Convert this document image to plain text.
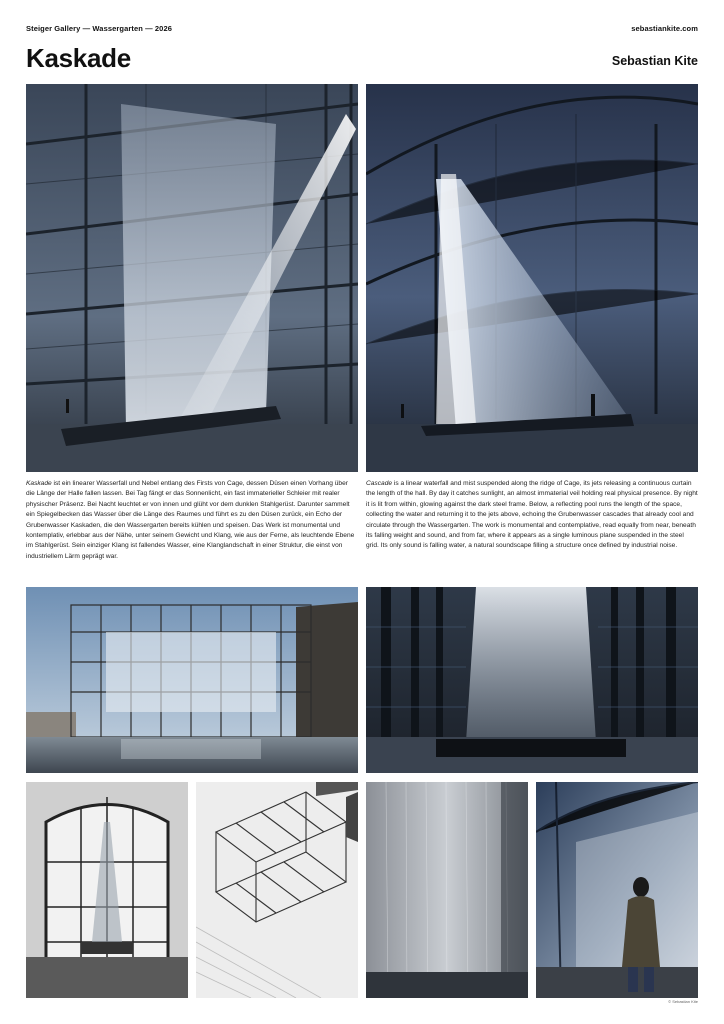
Steiger Gallery — Wassergarten — 2026	sebastiankite.com
Kaskade	Sebastian Kite
Kaskade ist ein linearer Wasserfall und Nebel entlang des Firsts von Cage, dessen Düsen einen Vorhang über die Länge der Halle fallen lassen. Bei Tag fängt er das Sonnenlicht, ein fast immaterieller Schleier mit realer physischer Präsenz. Bei Nacht leuchtet er von innen und glüht vor dem dunklen Stahlgerüst. Darunter sammelt ein Spiegelbecken das Wasser über die Länge des Raumes und führt es zu den Düsen zurück, ein Echo der Grubenwasser Kaskaden, die den Wassergarten bereits kühlen und speisen. Das Werk ist monumental und kontemplativ, erlebbar aus der Nähe, unter seinem Gewicht und Klang, wie aus der Ferne, als leuchtende Ebene im Stahlgerüst. Sein einziger Klang ist fallendes Wasser, eine Klanglandschaft in einer Struktur, die einst von industriellem Lärm geprägt war.
Cascade is a linear waterfall and mist suspended along the ridge of Cage, its jets releasing a continuous curtain the length of the hall. By day it catches sunlight, an almost immaterial veil holding real physical presence. By night it is lit from within, glowing against the dark steel frame. Below, a reflecting pool runs the length of the space, collecting the water and returning it to the jets above, echoing the Grubenwasser cascades that already cool and circulate through the Wassergarten. The work is monumental and contemplative, read equally from near, beneath its falling weight and sound, and from far, where it appears as a single luminous plane suspended in the steel grid. Its only sound is falling water, a natural soundscape filling a structure once defined by industrial noise.
© Sebastian Kite
